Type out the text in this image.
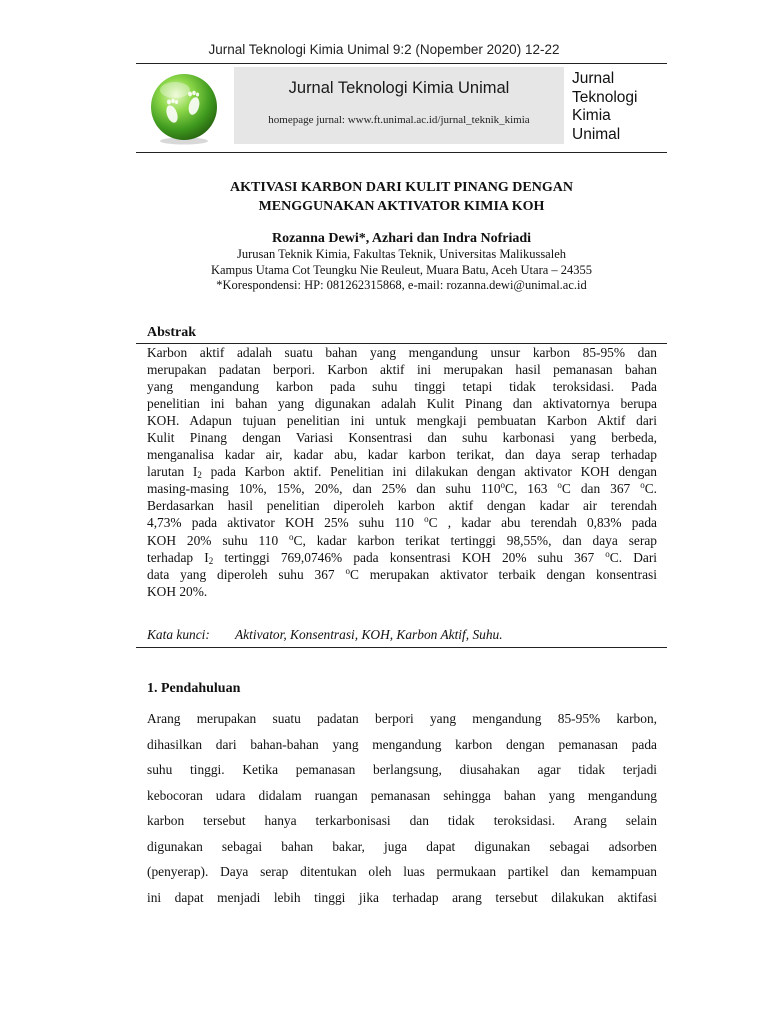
Jurnal Teknologi Kimia Unimal 9:2 (Nopember 2020) 12-22
Jurnal Teknologi Kimia Unimal
homepage jurnal: www.ft.unimal.ac.id/jurnal_teknik_kimia
Jurnal
Teknologi
Kimia
Unimal
AKTIVASI KARBON DARI KULIT PINANG DENGAN
MENGGUNAKAN AKTIVATOR KIMIA KOH
Rozanna Dewi*, Azhari dan Indra Nofriadi
Jurusan Teknik Kimia, Fakultas Teknik, Universitas Malikussaleh
Kampus Utama Cot Teungku Nie Reuleut, Muara Batu, Aceh Utara – 24355
*Korespondensi: HP: 081262315868, e-mail: rozanna.dewi@unimal.ac.id
Abstrak
Karbon aktif adalah suatu bahan yang mengandung unsur karbon 85-95% dan
merupakan padatan berpori. Karbon aktif ini merupakan hasil pemanasan bahan
yang mengandung karbon pada suhu tinggi tetapi tidak teroksidasi. Pada
penelitian ini bahan yang digunakan adalah Kulit Pinang dan aktivatornya berupa
KOH. Adapun tujuan penelitian ini untuk mengkaji pembuatan Karbon Aktif dari
Kulit Pinang dengan Variasi Konsentrasi dan suhu karbonasi yang berbeda,
menganalisa kadar air, kadar abu, kadar karbon terikat, dan daya serap terhadap
larutan $I_2$ pada Karbon aktif. Penelitian ini dilakukan dengan aktivator KOH dengan
masing-masing 10%, 15%, 20%, dan 25% dan suhu 110$^o$C, 163 $^o$C dan 367 $^o$C.
Berdasarkan hasil penelitian diperoleh karbon aktif dengan kadar air terendah
4,73% pada aktivator KOH 25% suhu 110 $^o$C , kadar abu terendah 0,83% pada
KOH 20% suhu 110 $^o$C, kadar karbon terikat tertinggi 98,55%, dan daya serap
terhadap $I_2$ tertinggi 769,0746% pada konsentrasi KOH 20% suhu 367 $^o$C. Dari
data yang diperoleh suhu 367 $^o$C merupakan aktivator terbaik dengan konsentrasi
KOH 20%.
Kata kunci: Aktivator, Konsentrasi, KOH, Karbon Aktif, Suhu.
1. Pendahuluan
Arang merupakan suatu padatan berpori yang mengandung 85-95% karbon,
dihasilkan dari bahan-bahan yang mengandung karbon dengan pemanasan pada
suhu tinggi. Ketika pemanasan berlangsung, diusahakan agar tidak terjadi
kebocoran udara didalam ruangan pemanasan sehingga bahan yang mengandung
karbon tersebut hanya terkarbonisasi dan tidak teroksidasi. Arang selain
digunakan sebagai bahan bakar, juga dapat digunakan sebagai adsorben
(penyerap). Daya serap ditentukan oleh luas permukaan partikel dan kemampuan
ini dapat menjadi lebih tinggi jika terhadap arang tersebut dilakukan aktifasi
